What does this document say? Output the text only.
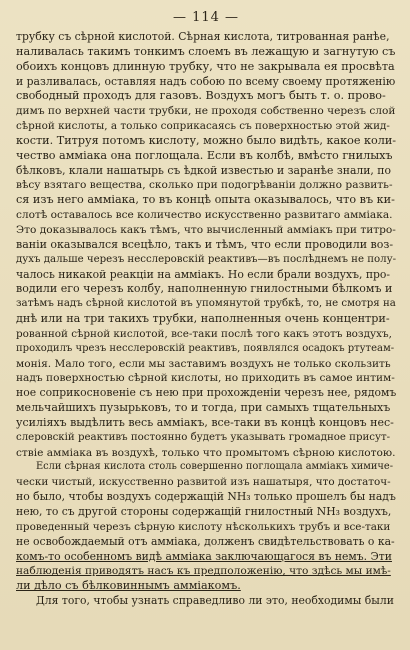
— 114 —

трубку съ сѣрной кислотой. Сѣрная кислота, титрованная ранѣе,

наливалась такимъ тонкимъ слоемъ въ лежащую и загнутую съ

обоихъ концовъ длинную трубку, что не закрывала ея просвѣта

и разливалась, оставляя надъ собою по всему своему протяженію

свободный проходъ для газовъ. Воздухъ могъ быть т. о. прово-

димъ по верхней части трубки, не проходя собственно черезъ слой

сѣрной кислоты, а только соприкасаясь съ поверхностью этой жид-

кости. Титруя потомъ кислоту, можно было видѣть, какое коли-

чество амміака она поглощала. Если въ колбѣ, вмѣсто гнилыхъ

бѣлковъ, клали нашатырь съ ѣдкой известью и заранѣе знали, по

вѣсу взятаго вещества, сколько при подогрѣваніи должно развить-

ся изъ него амміака, то въ концѣ опыта оказывалось, что въ ки-

слотѣ оставалось все количество искусственно развитаго амміака.

Это доказывалось какъ тѣмъ, что вычисленный амміакъ при титро-

ваніи оказывался всецѣло, такъ и тѣмъ, что если проводили воз-

духъ дальше черезъ несслеровскій реактивъ—въ послѣднемъ не полу-

чалось никакой реакціи на амміакъ. Но если брали воздухъ, про-

водили его черезъ колбу, наполненную гнилостными бѣлкомъ и

затѣмъ надъ сѣрной кислотой въ упомянутой трубкѣ, то, не смотря на

днѣ или на три такихъ трубки, наполненныя очень концентри-

рованной сѣрной кислотой, все-таки послѣ того какъ этотъ воздухъ,

проходилъ чрезъ несслеровскій реактивъ, появлялся осадокъ ртутеам-

монія. Мало того, если мы заставимъ воздухъ не только скользить

надъ поверхностью сѣрной кислоты, но приходить въ самое интим-

ное соприкосновеніе съ нею при прохожденіи черезъ нее, рядомъ

мельчайшихъ пузырьковъ, то и тогда, при самыхъ тщательныхъ

усиліяхъ выдѣлить весь амміакъ, все-таки въ концѣ концовъ нес-

слеровскій реактивъ постоянно будетъ указывать громадное присут-

ствіе амміака въ воздухѣ, только что промытомъ сѣрною кислотою.

Если сѣрная кислота столь совершенно поглощала амміакъ химиче-

чески чистый, искусственно развитой изъ нашатыря, что достаточ-

но было, чтобы воздухъ содержащій NH₃ только прошелъ бы надъ

нею, то съ другой стороны содержащій гнилостный NH₃ воздухъ,

проведенный черезъ сѣрную кислоту нѣсколькихъ трубъ и все-таки

не освобождаемый отъ амміака, долженъ свидѣтельствовать о ка-

комъ-то особенномъ видѣ амміака заключающагося въ немъ. Эти

наблюденія приводятъ насъ къ предположенію, что здѣсь мы имѣ-

ли дѣло съ бѣлковиннымъ амміакомъ.

Для того, чтобы узнать справедливо ли это, необходимы были
